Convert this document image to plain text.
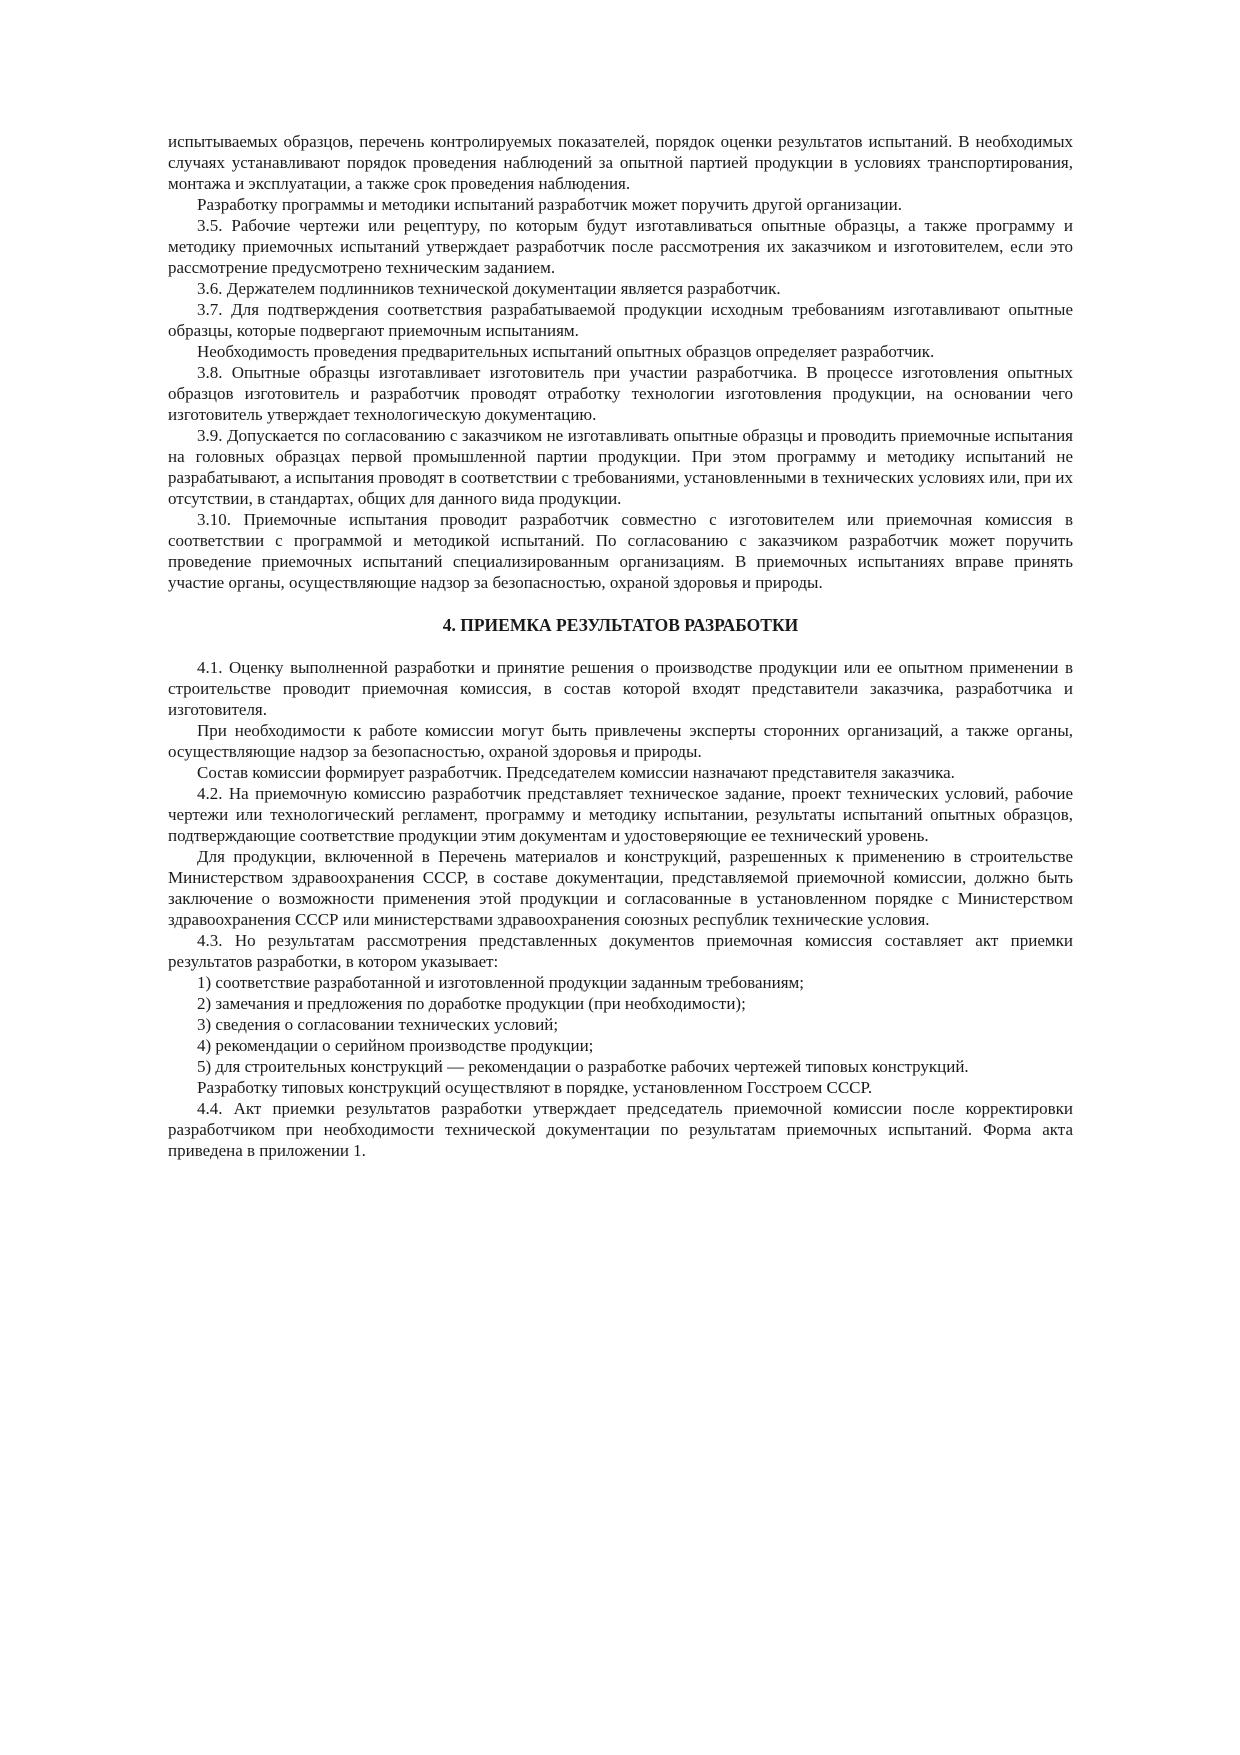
испытываемых образцов, перечень контролируемых показателей, порядок оценки результатов испытаний. В необходимых случаях устанавливают порядок проведения наблюдений за опытной партией продукции в условиях транспортирования, монтажа и эксплуатации, а также срок проведения наблюдения.

Разработку программы и методики испытаний разработчик может поручить другой организации.

3.5. Рабочие чертежи или рецептуру, по которым будут изготавливаться опытные образцы, а также программу и методику приемочных испытаний утверждает разработчик после рассмотрения их заказчиком и изготовителем, если это рассмотрение предусмотрено техническим заданием.

3.6. Держателем подлинников технической документации является разработчик.

3.7. Для подтверждения соответствия разрабатываемой продукции исходным требованиям изготавливают опытные образцы, которые подвергают приемочным испытаниям.

Необходимость проведения предварительных испытаний опытных образцов определяет разработчик.

3.8. Опытные образцы изготавливает изготовитель при участии разработчика. В процессе изготовления опытных образцов изготовитель и разработчик проводят отработку технологии изготовления продукции, на основании чего изготовитель утверждает технологическую документацию.

3.9. Допускается по согласованию с заказчиком не изготавливать опытные образцы и проводить приемочные испытания на головных образцах первой промышленной партии продукции. При этом программу и методику испытаний не разрабатывают, а испытания проводят в соответствии с требованиями, установленными в технических условиях или, при их отсутствии, в стандартах, общих для данного вида продукции.

3.10. Приемочные испытания проводит разработчик совместно с изготовителем или приемочная комиссия в соответствии с программой и методикой испытаний. По согласованию с заказчиком разработчик может поручить проведение приемочных испытаний специализированным организациям. В приемочных испытаниях вправе принять участие органы, осуществляющие надзор за безопасностью, охраной здоровья и природы.

4. ПРИЕМКА РЕЗУЛЬТАТОВ РАЗРАБОТКИ

4.1. Оценку выполненной разработки и принятие решения о производстве продукции или ее опытном применении в строительстве проводит приемочная комиссия, в состав которой входят представители заказчика, разработчика и изготовителя.

При необходимости к работе комиссии могут быть привлечены эксперты сторонних организаций, а также органы, осуществляющие надзор за безопасностью, охраной здоровья и природы.

Состав комиссии формирует разработчик. Председателем комиссии назначают представителя заказчика.

4.2. На приемочную комиссию разработчик представляет техническое задание, проект технических условий, рабочие чертежи или технологический регламент, программу и методику испытании, результаты испытаний опытных образцов, подтверждающие соответствие продукции этим документам и удостоверяющие ее технический уровень.

Для продукции, включенной в Перечень материалов и конструкций, разрешенных к применению в строительстве Министерством здравоохранения СССР, в составе документации, представляемой приемочной комиссии, должно быть заключение о возможности применения этой продукции и согласованные в установленном порядке с Министерством здравоохранения СССР или министерствами здравоохранения союзных республик технические условия.

4.3. Но результатам рассмотрения представленных документов приемочная комиссия составляет акт приемки результатов разработки, в котором указывает:

1) соответствие разработанной и изготовленной продукции заданным требованиям;

2) замечания и предложения по доработке продукции (при необходимости);

3) сведения о согласовании технических условий;

4) рекомендации о серийном производстве продукции;

5) для строительных конструкций — рекомендации о разработке рабочих чертежей типовых конструкций.

Разработку типовых конструкций осуществляют в порядке, установленном Госстроем СССР.

4.4. Акт приемки результатов разработки утверждает председатель приемочной комиссии после корректировки разработчиком при необходимости технической документации по результатам приемочных испытаний. Форма акта приведена в приложении 1.
